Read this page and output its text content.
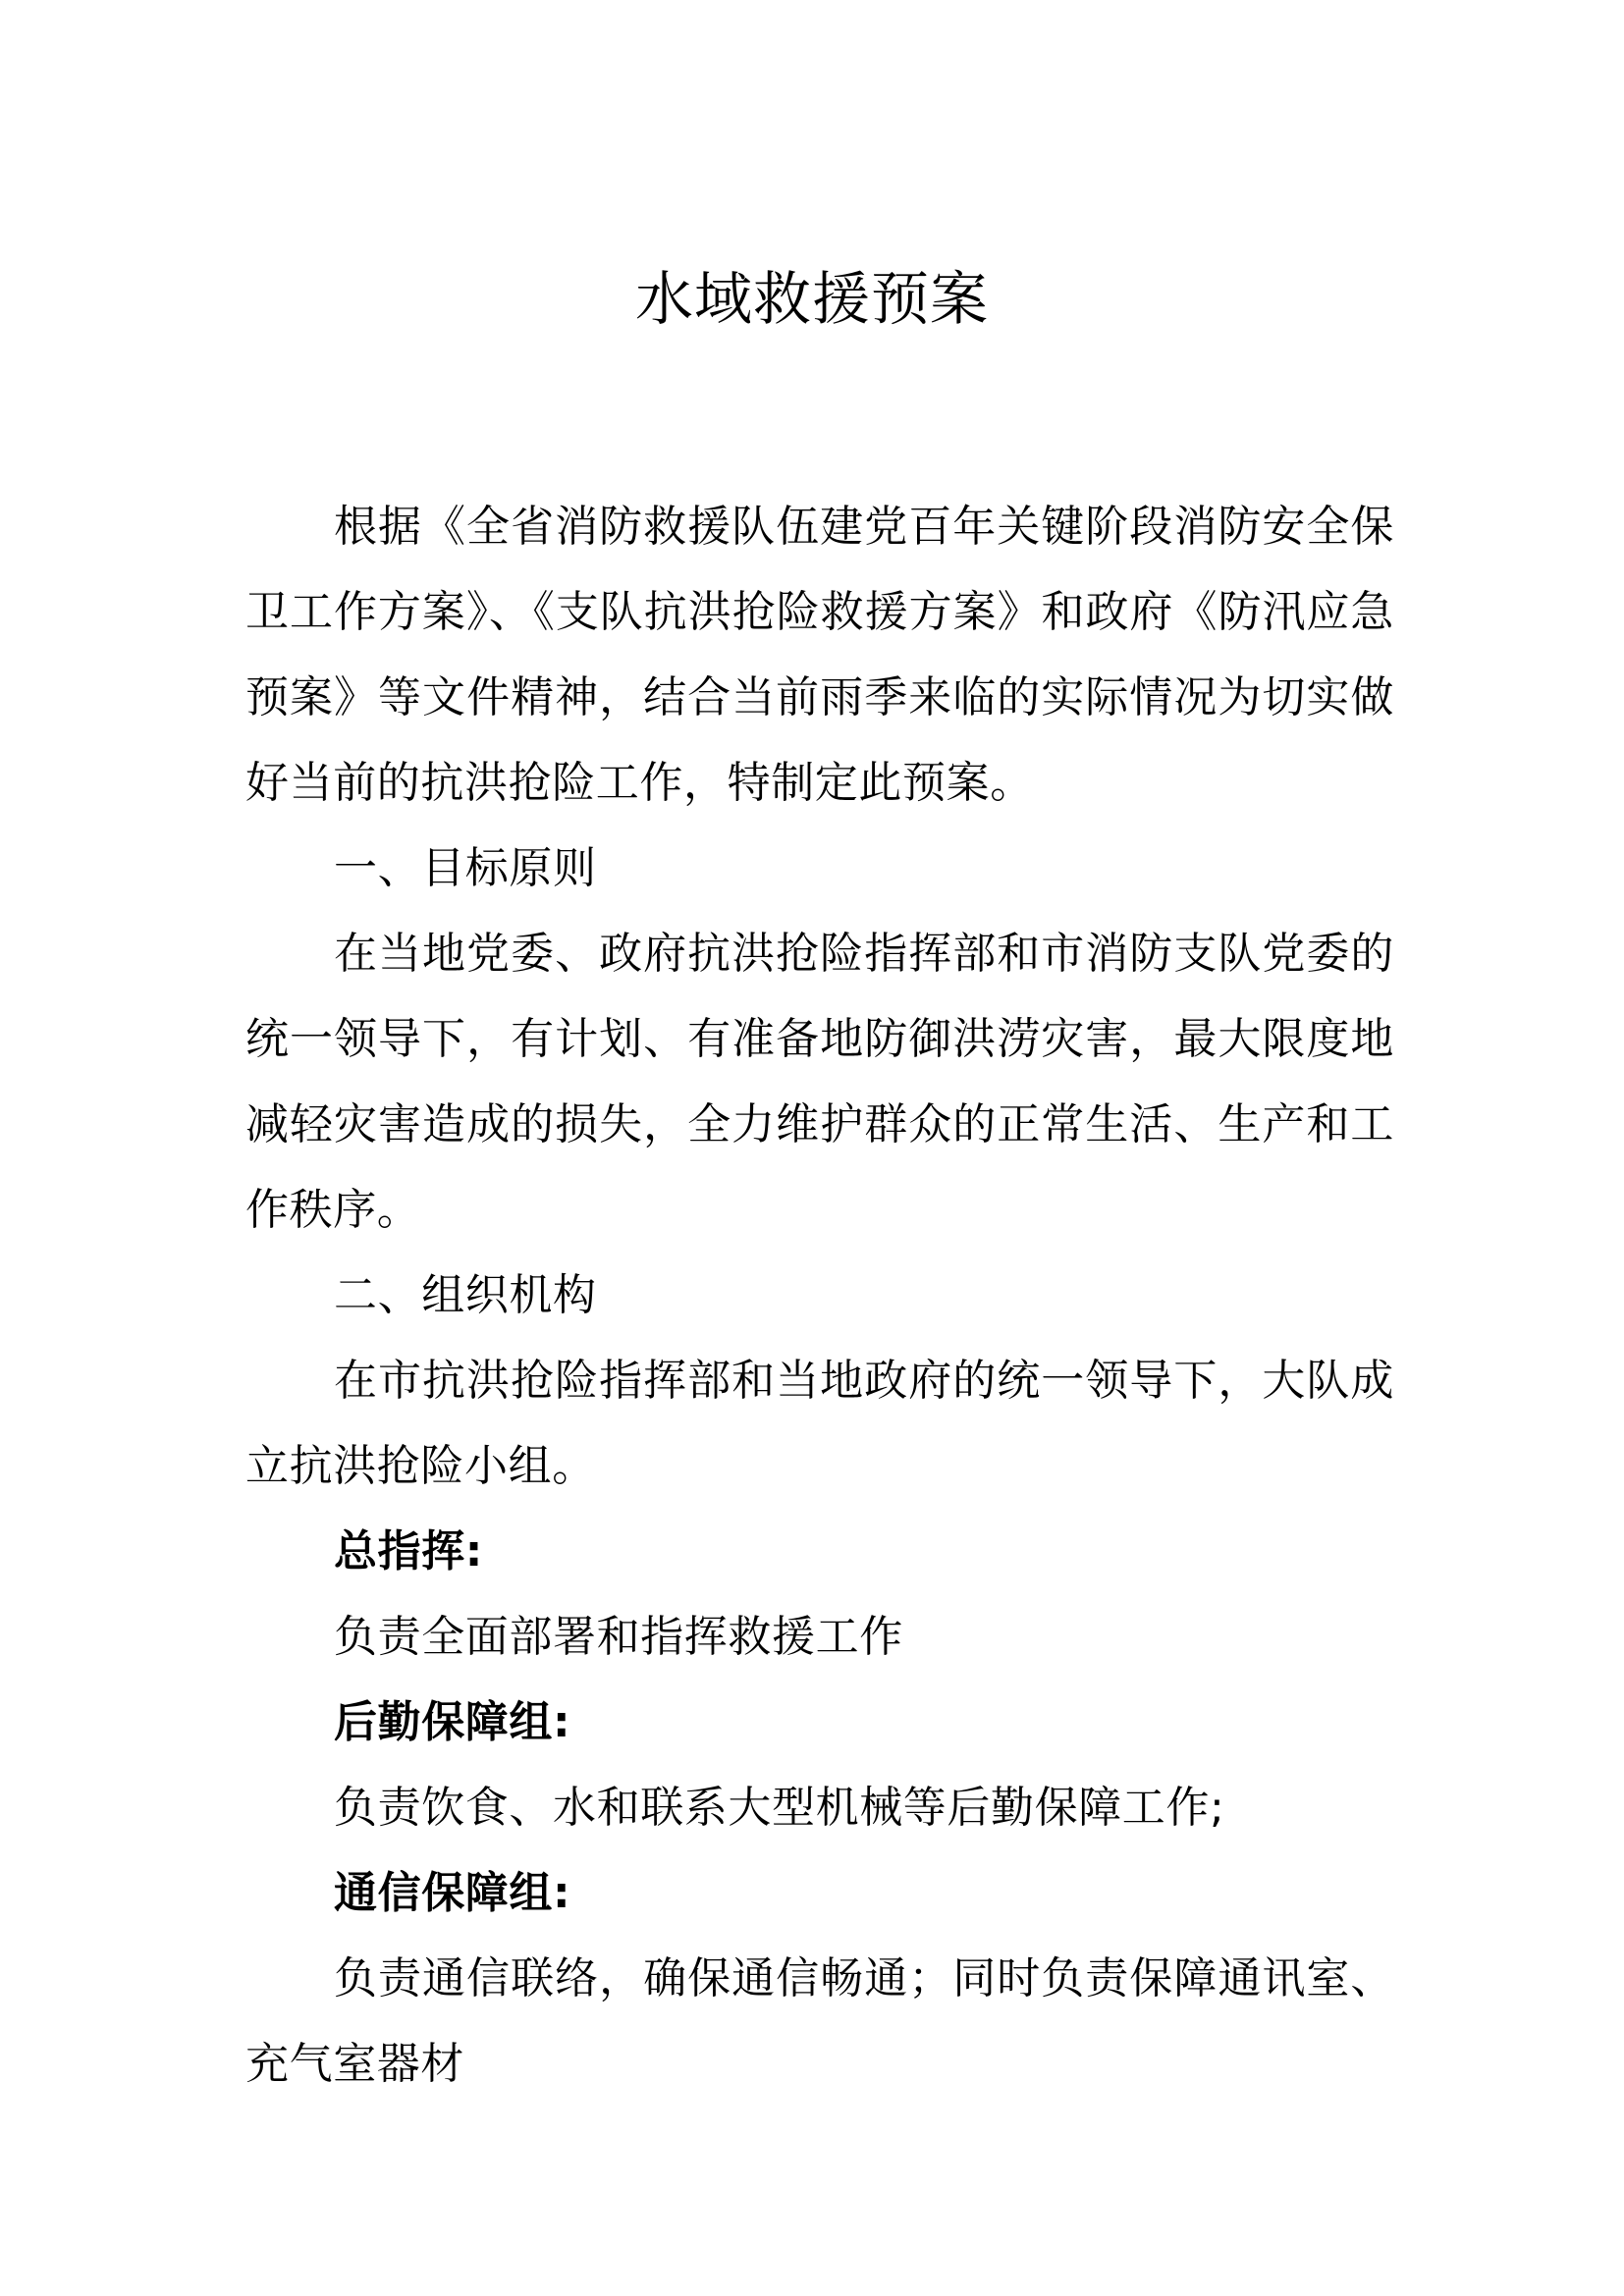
水域救援预案

根据《全省消防救援队伍建党百年关键阶段消防安全保卫工作方案》、《支队抗洪抢险救援方案》和政府《防汛应急预案》等文件精神，结合当前雨季来临的实际情况为切实做好当前的抗洪抢险工作，特制定此预案。

一、目标原则

在当地党委、政府抗洪抢险指挥部和市消防支队党委的统一领导下，有计划、有准备地防御洪涝灾害，最大限度地减轻灾害造成的损失，全力维护群众的正常生活、生产和工作秩序。

二、组织机构

在市抗洪抢险指挥部和当地政府的统一领导下，大队成立抗洪抢险小组。

总指挥:

负责全面部署和指挥救援工作

后勤保障组:

负责饮食、水和联系大型机械等后勤保障工作;

通信保障组:

负责通信联络，确保通信畅通；同时负责保障通讯室、充气室器材
